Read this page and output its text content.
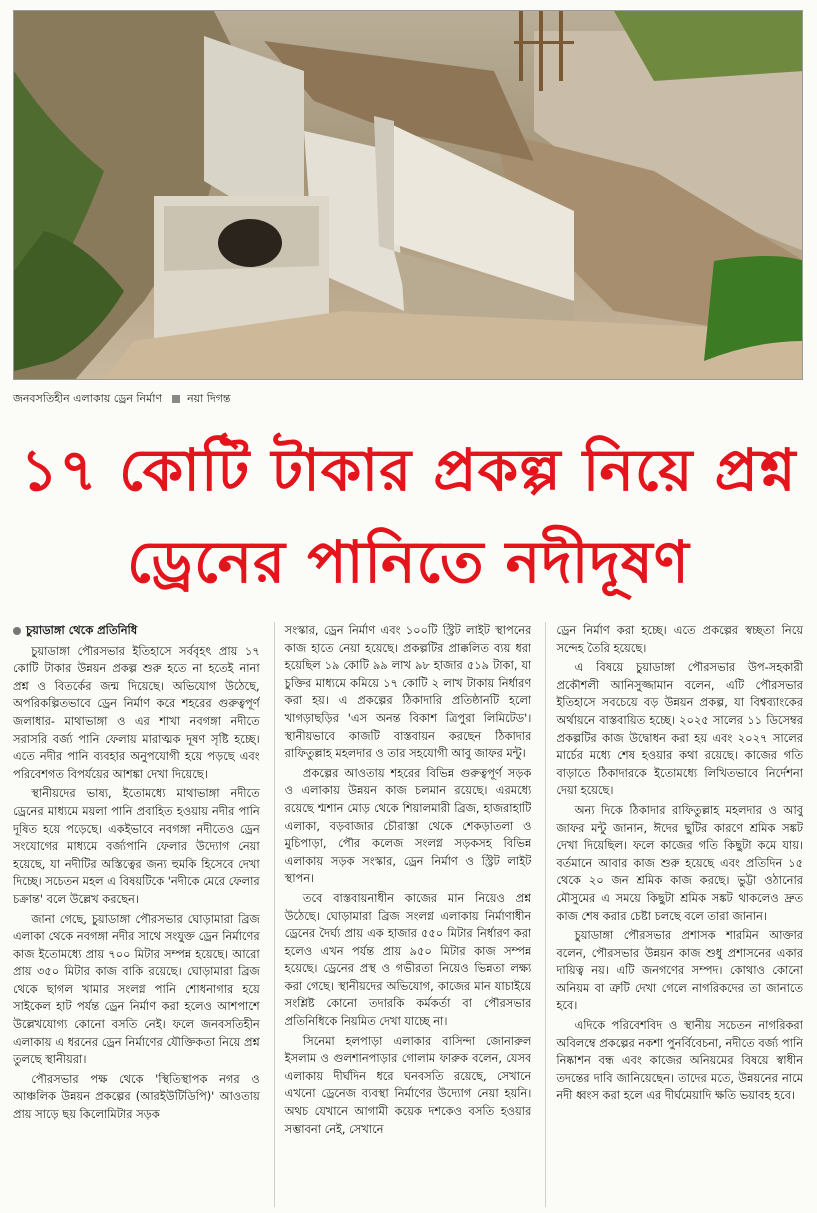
জনবসতিহীন এলাকায় ড্রেন নির্মাণ নয়া দিগন্ত
১৭ কোটি টাকার প্রকল্প নিয়ে প্রশ্ন
ড্রেনের পানিতে নদীদূষণ
চুয়াডাঙ্গা থেকে প্রতিনিধি

চুয়াডাঙ্গা পৌরসভার ইতিহাসে সর্ববৃহৎ প্রায় ১৭ কোটি টাকার উন্নয়ন প্রকল্প শুরু হতে না হতেই নানা প্রশ্ন ও বিতর্কের জন্ম দিয়েছে। অভিযোগ উঠেছে, অপরিকল্পিতভাবে ড্রেন নির্মাণ করে শহরের গুরুত্বপূর্ণ জলাধার- মাথাভাঙ্গা ও এর শাখা নবগঙ্গা নদীতে সরাসরি বর্জ্য পানি ফেলায় মারাত্মক দূষণ সৃষ্টি হচ্ছে। এতে নদীর পানি ব্যবহার অনুপযোগী হয়ে পড়ছে এবং পরিবেশগত বিপর্যয়ের আশঙ্কা দেখা দিয়েছে।

স্থানীয়দের ভাষ্য, ইতোমধ্যে মাথাভাঙ্গা নদীতে ড্রেনের মাধ্যমে ময়লা পানি প্রবাহিত হওয়ায় নদীর পানি দূষিত হয়ে পড়েছে। একইভাবে নবগঙ্গা নদীতেও ড্রেন সংযোগের মাধ্যমে বর্জ্যপানি ফেলার উদ্যোগ নেয়া হয়েছে, যা নদীটির অস্তিত্বের জন্য হুমকি হিসেবে দেখা দিচ্ছে। সচেতন মহল এ বিষয়টিকে 'নদীকে মেরে ফেলার চক্রান্ত' বলে উল্লেখ করছেন।

জানা গেছে, চুয়াডাঙ্গা পৌরসভার ঘোড়ামারা ব্রিজ এলাকা থেকে নবগঙ্গা নদীর সাথে সংযুক্ত ড্রেন নির্মাণের কাজ ইতোমধ্যে প্রায় ৭০০ মিটার সম্পন্ন হয়েছে। আরো প্রায় ৩৫০ মিটার কাজ বাকি রয়েছে। ঘোড়ামারা ব্রিজ থেকে ছাগল খামার সংলগ্ন পানি শোধনাগার হয়ে সাইকেল হাট পর্যন্ত ড্রেন নির্মাণ করা হলেও আশপাশে উল্লেখযোগ্য কোনো বসতি নেই। ফলে জনবসতিহীন এলাকায় এ ধরনের ড্রেন নির্মাণের যৌক্তিকতা নিয়ে প্রশ্ন তুলছে স্থানীয়রা।

পৌরসভার পক্ষ থেকে 'স্থিতিস্থাপক নগর ও আঞ্চলিক উন্নয়ন প্রকল্পের (আরইউটিডিপি)' আওতায় প্রায় সাড়ে ছয় কিলোমিটার সড়ক

সংস্কার, ড্রেন নির্মাণ এবং ১০০টি স্ট্রিট লাইট স্থাপনের কাজ হাতে নেয়া হয়েছে। প্রকল্পটির প্রাক্কলিত ব্যয় ধরা হয়েছিল ১৯ কোটি ৯৯ লাখ ৯৮ হাজার ৫১৯ টাকা, যা চুক্তির মাধ্যমে কমিয়ে ১৭ কোটি ২ লাখ টাকায় নির্ধারণ করা হয়। এ প্রকল্পের ঠিকাদারি প্রতিষ্ঠানটি হলো খাগড়াছড়ির 'এস অনন্ত বিকাশ ত্রিপুরা লিমিটেড'। স্থানীয়ভাবে কাজটি বাস্তবায়ন করছেন ঠিকাদার রাফিতুল্লাহ মহলদার ও তার সহযোগী আবু জাফর মন্টু।

প্রকল্পের আওতায় শহরের বিভিন্ন গুরুত্বপূর্ণ সড়ক ও এলাকায় উন্নয়ন কাজ চলমান রয়েছে। এরমধ্যে রয়েছে শ্মশান মোড় থেকে শিয়ালমারী ব্রিজ, হাজরাহাটি এলাকা, বড়বাজার চৌরাস্তা থেকে শেকড়াতলা ও মুচিপাড়া, পৌর কলেজ সংলগ্ন সড়কসহ বিভিন্ন এলাকায় সড়ক সংস্কার, ড্রেন নির্মাণ ও স্ট্রিট লাইট স্থাপন।

তবে বাস্তবায়নাধীন কাজের মান নিয়েও প্রশ্ন উঠেছে। ঘোড়ামারা ব্রিজ সংলগ্ন এলাকায় নির্মাণাধীন ড্রেনের দৈর্ঘ্য প্রায় এক হাজার ৫৫০ মিটার নির্ধারণ করা হলেও এখন পর্যন্ত প্রায় ৯৫০ মিটার কাজ সম্পন্ন হয়েছে। ড্রেনের প্রস্থ ও গভীরতা নিয়েও ভিন্নতা লক্ষ্য করা গেছে। স্থানীয়দের অভিযোগ, কাজের মান যাচাইয়ে সংশ্লিষ্ট কোনো তদারকি কর্মকর্তা বা পৌরসভার প্রতিনিধিকে নিয়মিত দেখা যাচ্ছে না।

সিনেমা হলপাড়া এলাকার বাসিন্দা জোনারুল ইসলাম ও গুলশানপাড়ার গোলাম ফারুক বলেন, যেসব এলাকায় দীর্ঘদিন ধরে ঘনবসতি রয়েছে, সেখানে এখনো ড্রেনেজ ব্যবস্থা নির্মাণের উদ্যোগ নেয়া হয়নি। অথচ যেখানে আগামী কয়েক দশকেও বসতি হওয়ার সম্ভাবনা নেই, সেখানে

ড্রেন নির্মাণ করা হচ্ছে। এতে প্রকল্পের স্বচ্ছতা নিয়ে সন্দেহ তৈরি হয়েছে।

এ বিষয়ে চুয়াডাঙ্গা পৌরসভার উপ-সহকারী প্রকৌশলী আনিসুজ্জামান বলেন, এটি পৌরসভার ইতিহাসে সবচেয়ে বড় উন্নয়ন প্রকল্প, যা বিশ্বব্যাংকের অর্থায়নে বাস্তবায়িত হচ্ছে। ২০২৫ সালের ১১ ডিসেম্বর প্রকল্পটির কাজ উদ্বোধন করা হয় এবং ২০২৭ সালের মার্চের মধ্যে শেষ হওয়ার কথা রয়েছে। কাজের গতি বাড়াতে ঠিকাদারকে ইতোমধ্যে লিখিতভাবে নির্দেশনা দেয়া হয়েছে।

অন্য দিকে ঠিকাদার রাফিতুল্লাহ মহলদার ও আবু জাফর মন্টু জানান, ঈদের ছুটির কারণে শ্রমিক সঙ্কট দেখা দিয়েছিল। ফলে কাজের গতি কিছুটা কমে যায়। বর্তমানে আবার কাজ শুরু হয়েছে এবং প্রতিদিন ১৫ থেকে ২০ জন শ্রমিক কাজ করছে। ভুট্টা ওঠানোর মৌসুমের এ সময়ে কিছুটা শ্রমিক সঙ্কট থাকলেও দ্রুত কাজ শেষ করার চেষ্টা চলছে বলে তারা জানান।

চুয়াডাঙ্গা পৌরসভার প্রশাসক শারমিন আক্তার বলেন, পৌরসভার উন্নয়ন কাজ শুধু প্রশাসনের একার দায়িত্ব নয়। এটি জনগণের সম্পদ। কোথাও কোনো অনিয়ম বা ত্রুটি দেখা গেলে নাগরিকদের তা জানাতে হবে।

এদিকে পরিবেশবিদ ও স্থানীয় সচেতন নাগরিকরা অবিলম্বে প্রকল্পের নকশা পুনর্বিবেচনা, নদীতে বর্জ্য পানি নিষ্কাশন বন্ধ এবং কাজের অনিয়মের বিষয়ে স্বাধীন তদন্তের দাবি জানিয়েছেন। তাদের মতে, উন্নয়নের নামে নদী ধ্বংস করা হলে এর দীর্ঘমেয়াদি ক্ষতি ভয়াবহ হবে।
